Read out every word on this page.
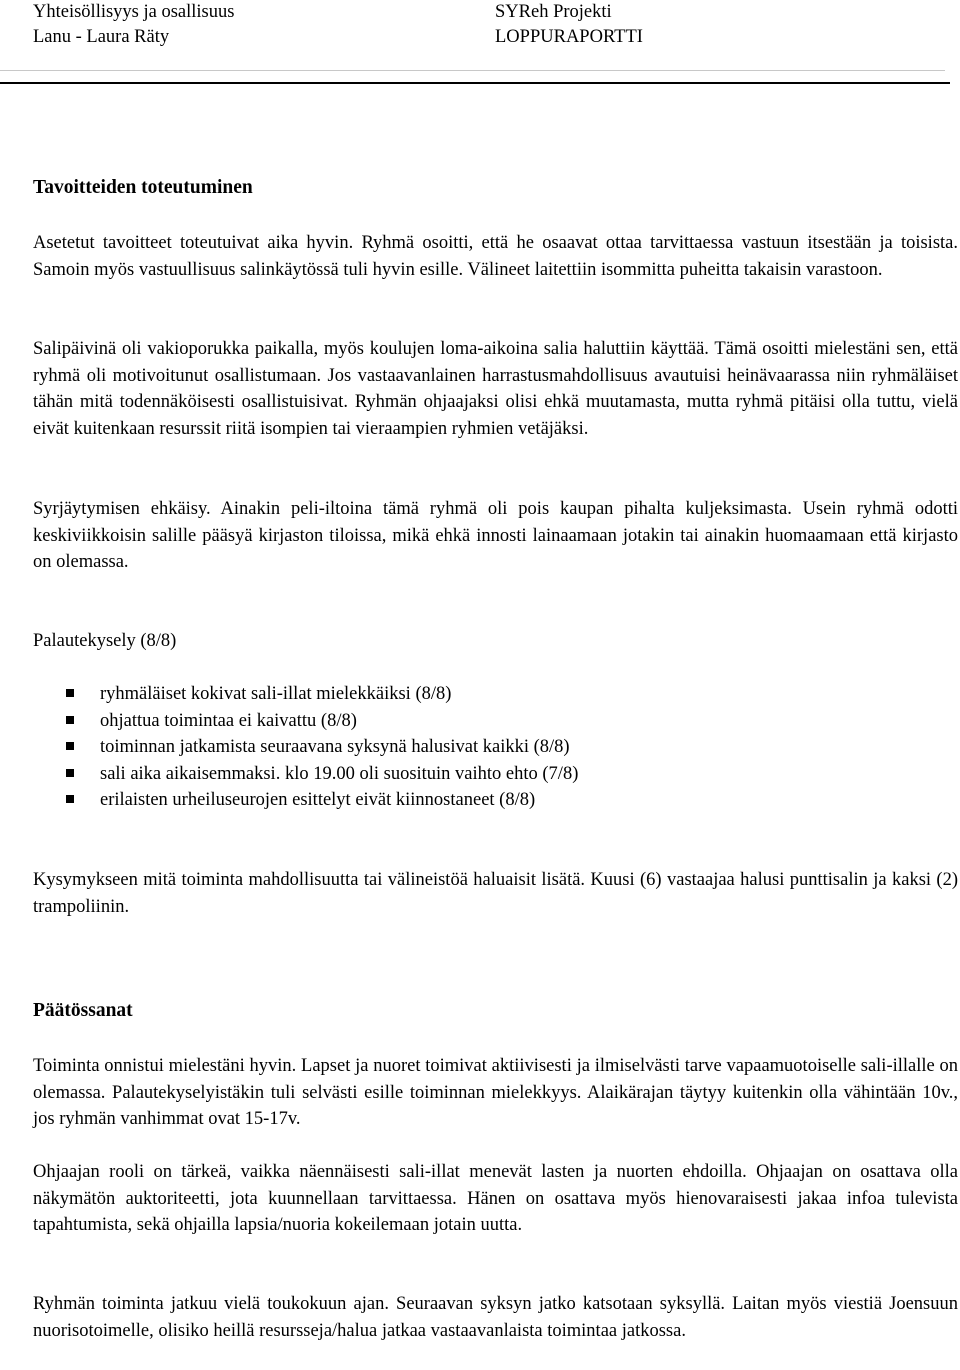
Yhteisöllisyys ja osallisuus
Lanu - Laura Räty
SYReh Projekti
LOPPURAPORTTI
Tavoitteiden toteutuminen

Asetetut tavoitteet toteutuivat aika hyvin. Ryhmä osoitti, että he osaavat ottaa tarvittaessa vastuun itsestään ja toisista. Samoin myös vastuullisuus salinkäytössä tuli hyvin esille. Välineet laitettiin isommitta puheitta takaisin varastoon.

Salipäivinä oli vakioporukka paikalla, myös koulujen loma-aikoina salia haluttiin käyttää. Tämä osoitti mielestäni sen, että ryhmä oli motivoitunut osallistumaan. Jos vastaavanlainen harrastusmahdollisuus avautuisi heinävaarassa niin ryhmäläiset tähän mitä todennäköisesti osallistuisivat. Ryhmän ohjaajaksi olisi ehkä muutamasta, mutta ryhmä pitäisi olla tuttu, vielä eivät kuitenkaan resurssit riitä isompien tai vieraampien ryhmien vetäjäksi.

Syrjäytymisen ehkäisy. Ainakin peli-iltoina tämä ryhmä oli pois kaupan pihalta kuljeksimasta. Usein ryhmä odotti keskiviikkoisin salille pääsyä kirjaston tiloissa, mikä ehkä innosti lainaamaan jotakin tai ainakin huomaamaan että kirjasto on olemassa.

Palautekysely (8/8)
ryhmäläiset kokivat sali-illat mielekkäiksi (8/8)
ohjattua toimintaa ei kaivattu (8/8)
toiminnan jatkamista seuraavana syksynä halusivat kaikki (8/8)
sali aika aikaisemmaksi. klo 19.00 oli suosituin vaihto ehto (7/8)
erilaisten urheiluseurojen esittelyt eivät kiinnostaneet (8/8)

Kysymykseen mitä toiminta mahdollisuutta tai välineistöä haluaisit lisätä. Kuusi (6) vastaajaa halusi punttisalin ja kaksi (2) trampoliinin.

Päätössanat

Toiminta onnistui mielestäni hyvin. Lapset ja nuoret toimivat aktiivisesti ja ilmiselvästi tarve vapaamuotoiselle sali-illalle on olemassa. Palautekyselyistäkin tuli selvästi esille toiminnan mielekkyys. Alaikärajan täytyy kuitenkin olla vähintään 10v., jos ryhmän vanhimmat ovat 15-17v.

Ohjaajan rooli on tärkeä, vaikka näennäisesti sali-illat menevät lasten ja nuorten ehdoilla. Ohjaajan on osattava olla näkymätön auktoriteetti, jota kuunnellaan tarvittaessa. Hänen on osattava myös hienovaraisesti jakaa infoa tulevista tapahtumista, sekä ohjailla lapsia/nuoria kokeilemaan jotain uutta.

Ryhmän toiminta jatkuu vielä toukokuun ajan. Seuraavan syksyn jatko katsotaan syksyllä. Laitan myös viestiä Joensuun nuorisotoimelle, olisiko heillä resursseja/halua jatkaa vastaavanlaista toimintaa jatkossa.
